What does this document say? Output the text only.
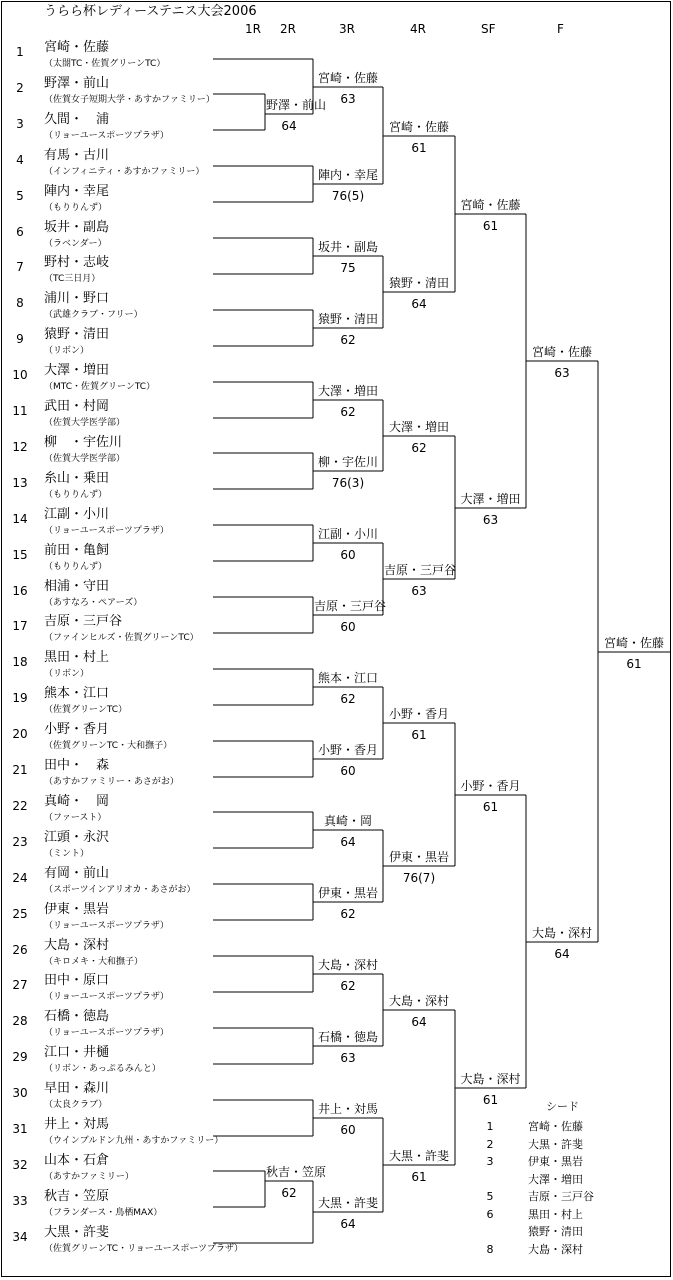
うらら杯レディーステニス大会2006
1R 2R	3R	4R	SF	F
1	宮崎・佐藤
（太閤TC・佐賀グリーンTC）
2	野澤・前山
（佐賀女子短期大学・あすかファミリー）
3	久間・　浦
（リョーユースポーツプラザ）
4	有馬・古川
（インフィニティ・あすかファミリー）
5	陣内・幸尾
（もりりんず）
6	坂井・副島
（ラベンダー）
7	野村・志岐
（TC三日月）
8	浦川・野口
（武雄クラブ・フリー）
9	猿野・清田
（リボン）
10	大澤・増田
（MTC・佐賀グリーンTC）
11	武田・村岡
（佐賀大学医学部）
12	柳　・宇佐川
（佐賀大学医学部）
13	糸山・乗田
（もりりんず）
14	江副・小川
（リョーユースポーツプラザ）
15	前田・亀飼
（もりりんず）
16	相浦・守田
（あすなろ・ペアーズ）
17	吉原・三戸谷
（ファインヒルズ・佐賀グリーンTC）
18	黒田・村上
（リボン）
19	熊本・江口
（佐賀グリーンTC）
20	小野・香月
（佐賀グリーンTC・大和撫子）
21	田中・　森
（あすかファミリー・あさがお）
22	真崎・　岡
（ファースト）
23	江頭・永沢
（ミント）
24	有岡・前山
（スポーツインアリオカ・あさがお）
25	伊東・黒岩
（リョーユースポーツプラザ）
26	大島・深村
（キロメキ・大和撫子）
27	田中・原口
（リョーユースポーツプラザ）
28	石橋・徳島
（リョーユースポーツプラザ）
29	江口・井樋
（リボン・あっぷるみんと）
30	早田・森川
（太良クラブ）
31	井上・対馬
（ウインブルドン九州・あすかファミリー）
32	山本・石倉
（あすかファミリー）
33	秋吉・笠原
（フランダース・鳥栖MAX）
34	大黒・許斐
（佐賀グリーンTC・リョーユースポーツプラザ）
野澤・前山
64
秋吉・笠原
62
宮崎・佐藤
63
陣内・幸尾
76(5)
坂井・副島
75
猿野・清田
62
大澤・増田
62
柳・宇佐川
76(3)
江副・小川
60
吉原・三戸谷
60
熊本・江口
62
小野・香月
60
真崎・岡
64
伊東・黒岩
62
大島・深村
62
石橋・徳島
63
井上・対馬
60
大黒・許斐
64
宮崎・佐藤
61
猿野・清田
64
大澤・増田
62
吉原・三戸谷
63
小野・香月
61
伊東・黒岩
76(7)
大島・深村
64
大黒・許斐
61
宮崎・佐藤
61
大澤・増田
63
小野・香月
61
大島・深村
61
宮崎・佐藤
63
大島・深村
64
宮崎・佐藤
61
シード
1	宮崎・佐藤
2	大黒・許斐
3	伊東・黒岩
大澤・増田
5	吉原・三戸谷
6	黒田・村上
猿野・清田
8	大島・深村
